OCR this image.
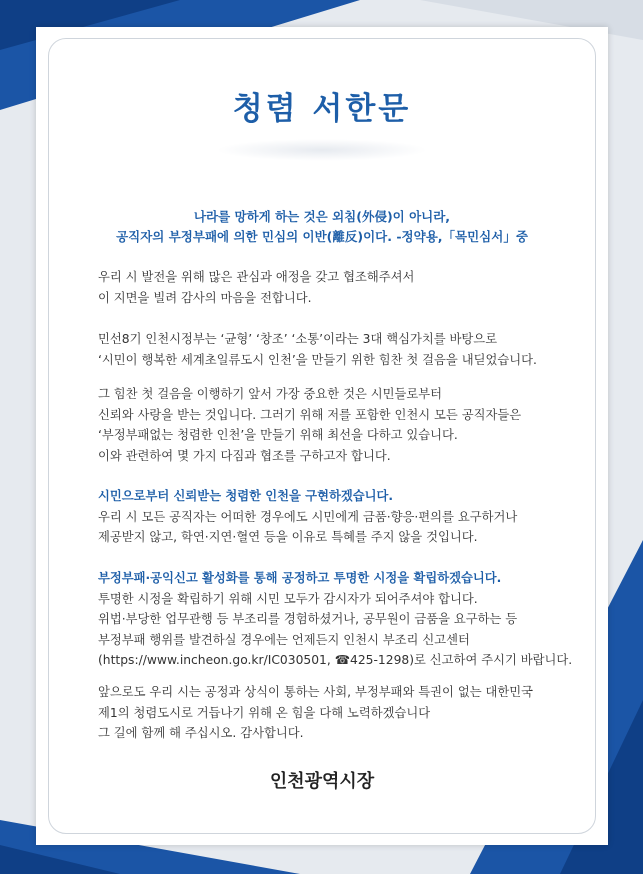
청렴 서한문
나라를 망하게 하는 것은 외침(外侵)이 아니라,
공직자의 부정부패에 의한 민심의 이반(離反)이다. -정약용,「목민심서」중
우리 시 발전을 위해 많은 관심과 애정을 갖고 협조해주셔서
이 지면을 빌려 감사의 마음을 전합니다.
민선8기 인천시정부는 ‘균형’ ‘창조’ ‘소통’이라는 3대 핵심가치를 바탕으로
‘시민이 행복한 세계초일류도시 인천’을 만들기 위한 힘찬 첫 걸음을 내딛었습니다.
그 힘찬 첫 걸음을 이행하기 앞서 가장 중요한 것은 시민들로부터
신뢰와 사랑을 받는 것입니다. 그러기 위해 저를 포함한 인천시 모든 공직자들은
‘부정부패없는 청렴한 인천’을 만들기 위해 최선을 다하고 있습니다.
이와 관련하여 몇 가지 다짐과 협조를 구하고자 합니다.
시민으로부터 신뢰받는 청렴한 인천을 구현하겠습니다.
우리 시 모든 공직자는 어떠한 경우에도 시민에게 금품·향응·편의를 요구하거나
제공받지 않고, 학연·지연·혈연 등을 이유로 특혜를 주지 않을 것입니다.
부정부패·공익신고 활성화를 통해 공정하고 투명한 시정을 확립하겠습니다.
투명한 시정을 확립하기 위해 시민 모두가 감시자가 되어주셔야 합니다.
위법·부당한 업무관행 등 부조리를 경험하셨거나, 공무원이 금품을 요구하는 등
부정부패 행위를 발견하실 경우에는 언제든지 인천시 부조리 신고센터
(https://www.incheon.go.kr/IC030501, ☎425-1298)로 신고하여 주시기 바랍니다.
앞으로도 우리 시는 공정과 상식이 통하는 사회, 부정부패와 특권이 없는 대한민국
제1의 청렴도시로 거듭나기 위해 온 힘을 다해 노력하겠습니다
그 길에 함께 해 주십시오. 감사합니다.
인천광역시장
